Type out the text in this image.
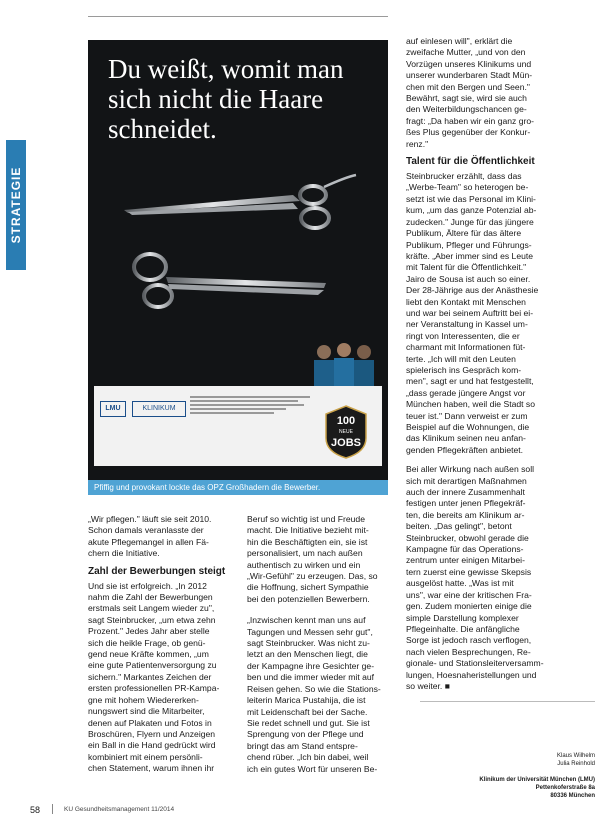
STRATEGIE
Du weißt, womit man
sich nicht die Haare
schneidet.
LMU	KLINIKUM
100
NEUE
JOBS
Pfiffig und provokant lockte das OPZ Großhadern die Bewerber.

auf einlesen will", erklärt die

zweifache Mutter, „und von den

Vorzügen unseres Klinikums und

unserer wunderbaren Stadt Mün-

chen mit den Bergen und Seen."

Bewährt, sagt sie, wird sie auch

den Weiterbildungschancen ge-

fragt: „Da haben wir ein ganz gro-

ßes Plus gegenüber der Konkur-

renz."

Talent für die Öffentlichkeit

Steinbrucker erzählt, dass das

„Werbe-Team" so heterogen be-

setzt ist wie das Personal im Klini-

kum, „um das ganze Potenzial ab-

zudecken." Junge für das jüngere

Publikum, Ältere für das ältere

Publikum, Pfleger und Führungs-

kräfte. „Aber immer sind es Leute

mit Talent für die Öffentlichkeit."

Jairo de Sousa ist auch so einer.

Der 28-Jährige aus der Anästhesie

liebt den Kontakt mit Menschen

und war bei seinem Auftritt bei ei-

ner Veranstaltung in Kassel um-

ringt von Interessenten, die er

charmant mit Informationen füt-

terte. „Ich will mit den Leuten

spielerisch ins Gespräch kom-

men", sagt er und hat festgestellt,

„dass gerade jüngere Angst vor

München haben, weil die Stadt so

teuer ist." Dann verweist er zum

Beispiel auf die Wohnungen, die

das Klinikum seinen neu anfan-

genden Pflegekräften anbietet.

Bei aller Wirkung nach außen soll

sich mit derartigen Maßnahmen

auch der innere Zusammenhalt

festigen unter jenen Pflegekräf-

ten, die bereits am Klinikum ar-

beiten. „Das gelingt", betont

Steinbrucker, obwohl gerade die

Kampagne für das Operations-

zentrum unter einigen Mitarbei-

tern zuerst eine gewisse Skepsis

ausgelöst hatte. „Was ist mit

uns", war eine der kritischen Fra-

gen. Zudem monierten einige die

simple Darstellung komplexer

Pflegeinhalte. Die anfängliche

Sorge ist jedoch rasch verflogen,

nach vielen Besprechungen, Re-

gionale- und Stationsleiterversamm-

lungen, Hoesnaheristellungen und

so weiter. ■

Klaus Wilhelm
Julia Reinhold
Klinikum der Universität München (LMU)
Pettenkoferstraße 8a
80336 München

„Wir pflegen." läuft sie seit 2010.

Schon damals veranlasste der

akute Pflegemangel in allen Fä-

chern die Initiative.

Zahl der Bewerbungen steigt

Und sie ist erfolgreich. „In 2012

nahm die Zahl der Bewerbungen

erstmals seit Langem wieder zu",

sagt Steinbrucker, „um etwa zehn

Prozent." Jedes Jahr aber stelle

sich die heikle Frage, ob genü-

gend neue Kräfte kommen, „um

eine gute Patientenversorgung zu

sichern." Markantes Zeichen der

ersten professionellen PR-Kampa-

gne mit hohem Wiedererken-

nungswert sind die Mitarbeiter,

denen auf Plakaten und Fotos in

Broschüren, Flyern und Anzeigen

ein Ball in die Hand gedrückt wird

kombiniert mit einem persönli-

chen Statement, warum ihnen ihr

Beruf so wichtig ist und Freude

macht. Die Initiative bezieht mit-

hin die Beschäftigten ein, sie ist

personalisiert, um nach außen

authentisch zu wirken und ein

„Wir-Gefühl" zu erzeugen. Das, so

die Hoffnung, sichert Sympathie

bei den potenziellen Bewerbern.

„Inzwischen kennt man uns auf

Tagungen und Messen sehr gut",

sagt Steinbrucker. Was nicht zu-

letzt an den Menschen liegt, die

der Kampagne ihre Gesichter ge-

ben und die immer wieder mit auf

Reisen gehen. So wie die Stations-

leiterin Marica Pustahija, die ist

mit Leidenschaft bei der Sache.

Sie redet schnell und gut. Sie ist

Sprengung von der Pflege und

bringt das am Stand entspre-

chend rüber. „Ich bin dabei, weil

ich ein gutes Wort für unseren Be-

58	KU Gesundheitsmanagement 11/2014
